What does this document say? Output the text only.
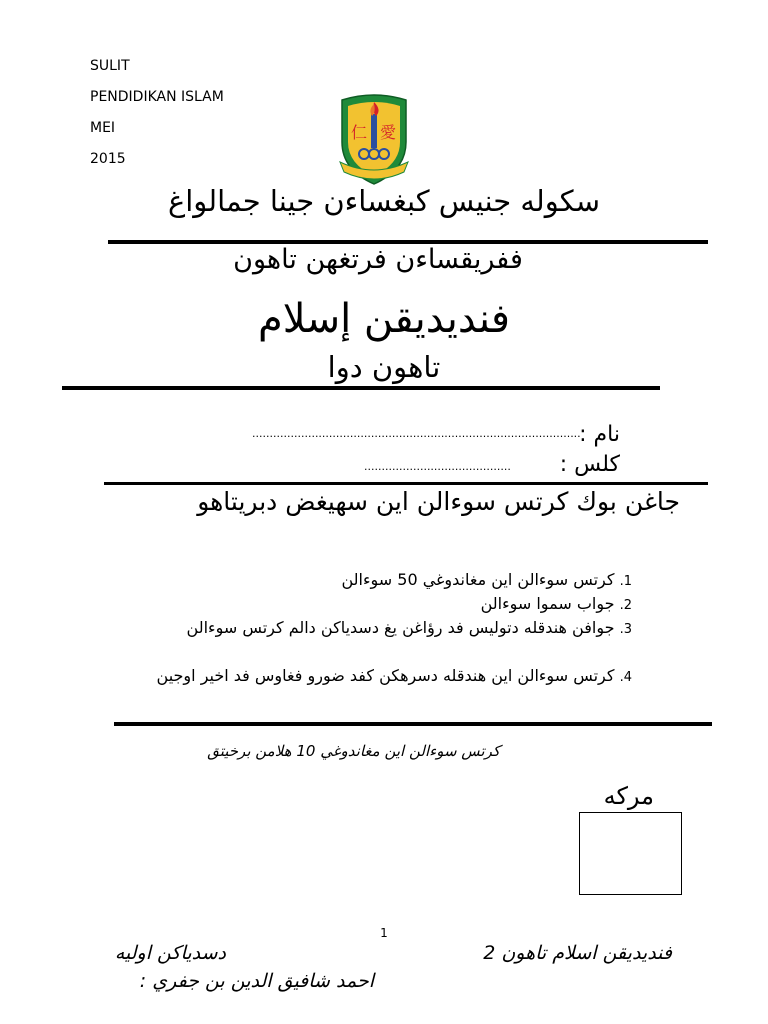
SULIT
PENDIDIKAN ISLAM
MEI
2015
仁 愛
سكوله جنيس كبغساءن جينا جمالواغ
ففريقساءن فرتغهن تاهون
فنديديقن إسلام
تاهون دوا
نام :
..............................................................................................
كلس :
..........................................
جاغن بوك كرتس سوءالن اين سهيغض دبريتاهو
1. كرتس سوءالن اين مغاندوغي 50 سوءالن
2. جواب سموا سوءالن
3. جوافن هندقله دتوليس فد رؤاغن يغ دسدياكن دالم كرتس سوءالن
4. كرتس سوءالن اين هندقله دسرهكن كفد ضورو فغاوس فد اخير اوجين
كرتس سوءالن اين مغاندوغي 10 هلامن برخيتق
مركه
1
فنديديقن اسلام تاهون 2
دسدياكن اوليه
احمد شافيق الدين بن جفري :
